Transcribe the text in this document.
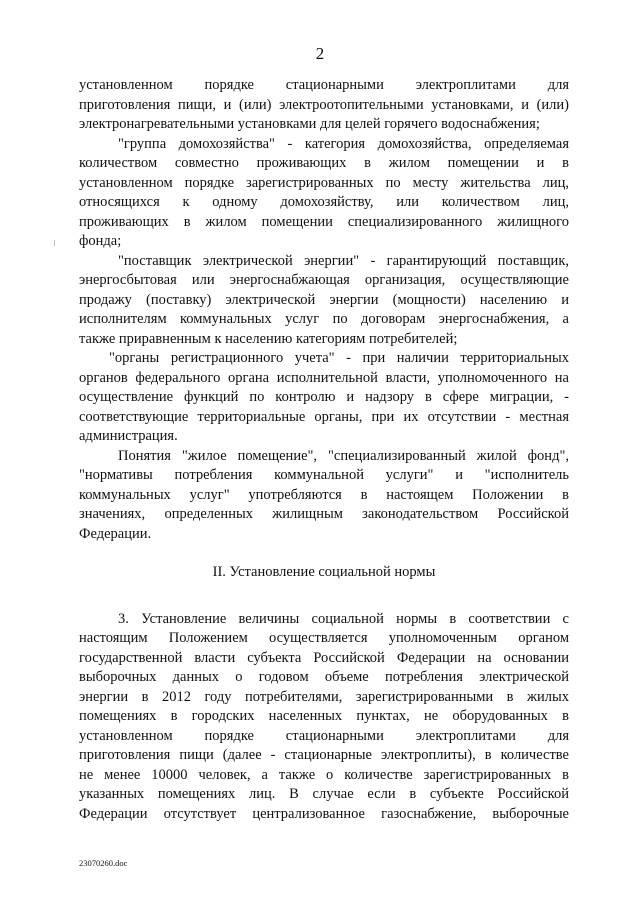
2
установленном порядке стационарными электроплитами для
приготовления пищи, и (или) электроотопительными установками, и (или)
электронагревательными установками для целей горячего водоснабжения;
"группа домохозяйства" - категория домохозяйства, определяемая
количеством совместно проживающих в жилом помещении и в
установленном порядке зарегистрированных по месту жительства лиц,
относящихся к одному домохозяйству, или количеством лиц,
проживающих в жилом помещении специализированного жилищного
фонда;
"поставщик электрической энергии" - гарантирующий поставщик,
энергосбытовая или энергоснабжающая организация, осуществляющие
продажу (поставку) электрической энергии (мощности) населению и
исполнителям коммунальных услуг по договорам энергоснабжения, а
также приравненным к населению категориям потребителей;
"органы регистрационного учета" - при наличии территориальных
органов федерального органа исполнительной власти, уполномоченного на
осуществление функций по контролю и надзору в сфере миграции, -
соответствующие территориальные органы, при их отсутствии - местная
администрация.
Понятия "жилое помещение", "специализированный жилой фонд",
"нормативы потребления коммунальной услуги" и "исполнитель
коммунальных услуг" употребляются в настоящем Положении в
значениях, определенных жилищным законодательством Российской
Федерации.
II. Установление социальной нормы
3. Установление величины социальной нормы в соответствии с
настоящим Положением осуществляется уполномоченным органом
государственной власти субъекта Российской Федерации на основании
выборочных данных о годовом объеме потребления электрической
энергии в 2012 году потребителями, зарегистрированными в жилых
помещениях в городских населенных пунктах, не оборудованных в
установленном порядке стационарными электроплитами для
приготовления пищи (далее - стационарные электроплиты), в количестве
не менее 10000 человек, а также о количестве зарегистрированных в
указанных помещениях лиц. В случае если в субъекте Российской
Федерации отсутствует централизованное газоснабжение, выборочные
23070260.doc
